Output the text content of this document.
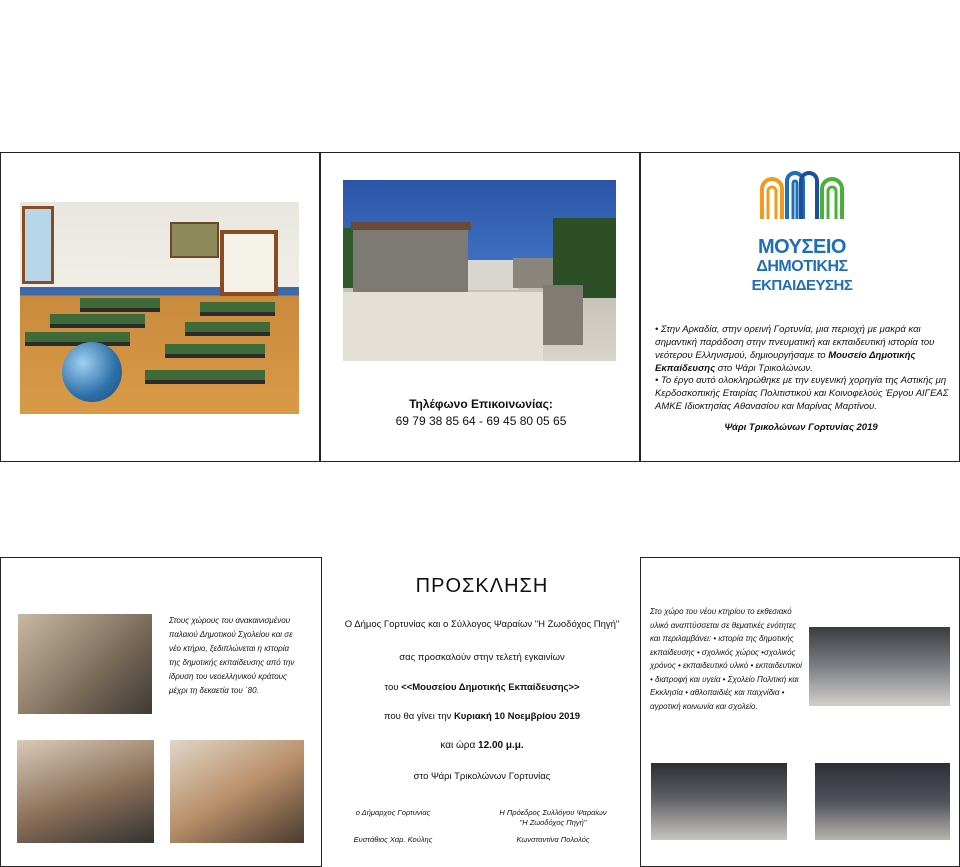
Τηλέφωνο Επικοινωνίας:
69 79 38 85 64 - 69 45 80 05 65
ΜΟΥΣΕΙΟ
ΔΗΜΟΤΙΚΗΣ
ΕΚΠΑΙΔΕΥΣΗΣ
• Στην Αρκαδία, στην ορεινή Γορτυνία, μια περιοχή με μακρά και σημαντική παράδοση στην πνευματική και εκπαιδευτική ιστορία του νεότερου Ελληνισμού, δημιουργήσαμε το Μουσείο Δημοτικής Εκπαίδευσης στο Ψάρι Τρικολώνων.
• Το έργο αυτό ολοκληρώθηκε με την ευγενική χορηγία της Αστικής μη Κερδοσκοπικής Εταιρίας Πολιτιστικού και Κοινοφελούς Έργου ΑΙΓΕΑΣ ΑΜΚΕ Ιδιοκτησίας Αθανασίου και Μαρίνας Μαρτίνου.
Ψάρι Τρικολώνων Γορτυνίας 2019
Στους χώρους του ανακαινισμένου παλαιού Δημοτικού Σχολείου και σε νέο κτήριο, ξεδιπλώνεται η ιστορία της δημοτικής εκπαίδευσης από την ίδρυση του νεοελληνικού κράτους μέχρι τη δεκαετία του ΄80.
ΠΡΟΣΚΛΗΣΗ
Ο Δήμος Γορτυνίας και ο Σύλλογος Ψαραίων "Η Ζωοδόχος Πηγή"
σας προσκαλούν στην τελετή εγκαινίων
του <<Μουσείου Δημοτικής Εκπαίδευσης>>
που θα γίνει την Κυριακή 10 Νοεμβρίου 2019
και ώρα 12.00 μ.μ.
στο Ψάρι Τρικολώνων Γορτυνίας
ο Δήμαρχος Γορτυνίας
Ευστάθιος Χαρ. Κούλης
Η Πρόεδρος Συλλόγου Ψαραίων
"Η Ζωοδόχος Πηγή"
Κωνσταντίνα Πολολός
Στο χώρο του νέου κτηρίου το εκθεσιακό υλικό αναπτύσσεται σε θεματικές ενότητες και περιλαμβάνει: • ιστορία της δημοτικής εκπαίδευσης • σχολικός χώρος •σχολικός χρόνος • εκπαιδευτικό υλικό • εκπαιδευτικοί • διατροφή και υγεία • Σχολείο Πολιτική και Εκκλησία • αθλοπαιδιές και παιχνίδια • αγροτική κοινωνία και σχολείο.
